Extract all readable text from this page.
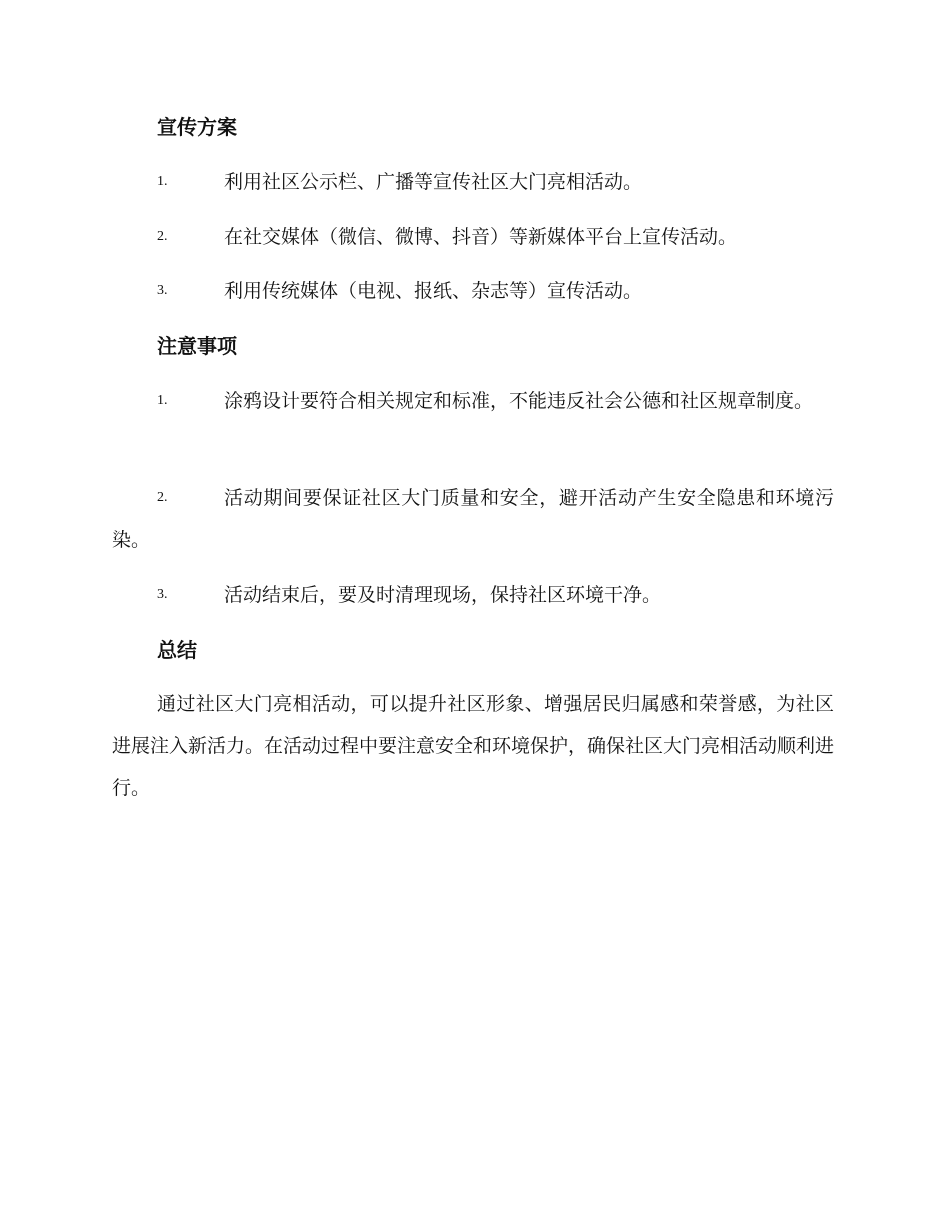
宣传方案
1.	利用社区公示栏、广播等宣传社区大门亮相活动。
2.	在社交媒体（微信、微博、抖音）等新媒体平台上宣传活动。
3.	利用传统媒体（电视、报纸、杂志等）宣传活动。
注意事项
1.	涂鸦设计要符合相关规定和标准，不能违反社会公德和社区规章制度。
2.	活动期间要保证社区大门质量和安全，避开活动产生安全隐患和环境污染。
3.	活动结束后，要及时清理现场，保持社区环境干净。
总结

通过社区大门亮相活动，可以提升社区形象、增强居民归属感和荣誉感，为社区进展注入新活力。在活动过程中要注意安全和环境保护，确保社区大门亮相活动顺利进行。
